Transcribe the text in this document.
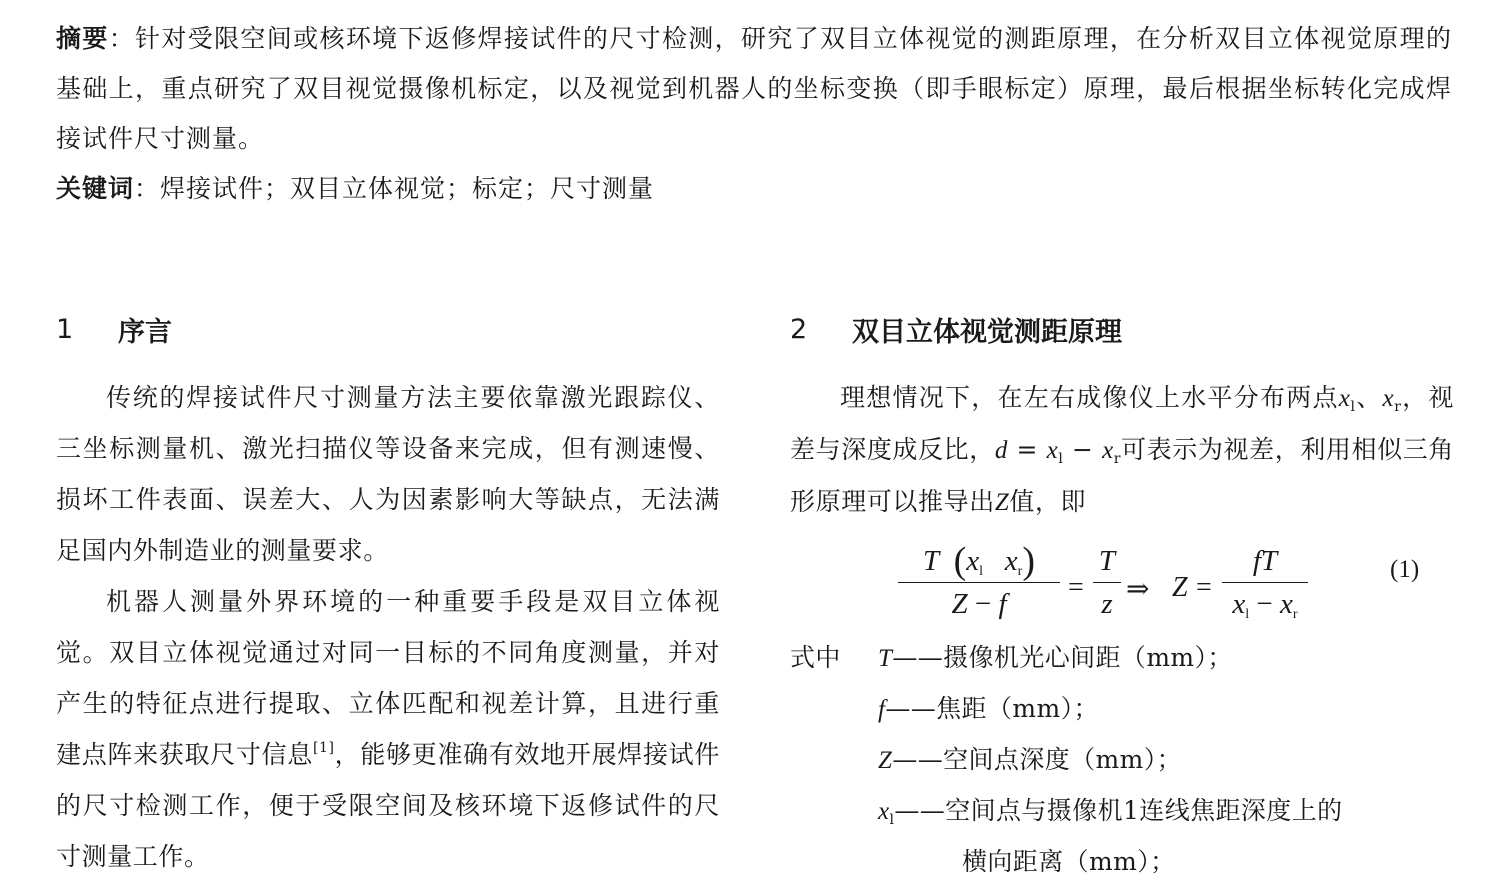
摘要：针对受限空间或核环境下返修焊接试件的尺寸检测，研究了双目立体视觉的测距原理，在分析双目立体视觉原理的基础上，重点研究了双目视觉摄像机标定，以及视觉到机器人的坐标变换（即手眼标定）原理，最后根据坐标转化完成焊接试件尺寸测量。

关键词：焊接试件；双目立体视觉；标定；尺寸测量

1	序言

传统的焊接试件尺寸测量方法主要依靠激光跟踪仪、三坐标测量机、激光扫描仪等设备来完成，但有测速慢、损坏工件表面、误差大、人为因素影响大等缺点，无法满足国内外制造业的测量要求。

机器人测量外界环境的一种重要手段是双目立体视觉。双目立体视觉通过对同一目标的不同角度测量，并对产生的特征点进行提取、立体匹配和视差计算，且进行重建点阵来获取尺寸信息[1]，能够更准确有效地开展焊接试件的尺寸检测工作，便于受限空间及核环境下返修试件的尺寸测量工作。

2	双目立体视觉测距原理

理想情况下，在左右成像仪上水平分布两点$x_l$、$x_r$，视差与深度成反比，$d = x_l - x_r$可表示为视差，利用相似三角形原理可以推导出Z值，即

T ($x_l$ $x_r$)
Z − f
=
T
z ⇒ Z =
fT
$x_l - x_r$
(1)
式中	T——摄像机光心间距（mm）；
f——焦距（mm）；
Z——空间点深度（mm）；
$x_l——$空间点与摄像机1连线焦距深度上的
横向距离（mm）；
